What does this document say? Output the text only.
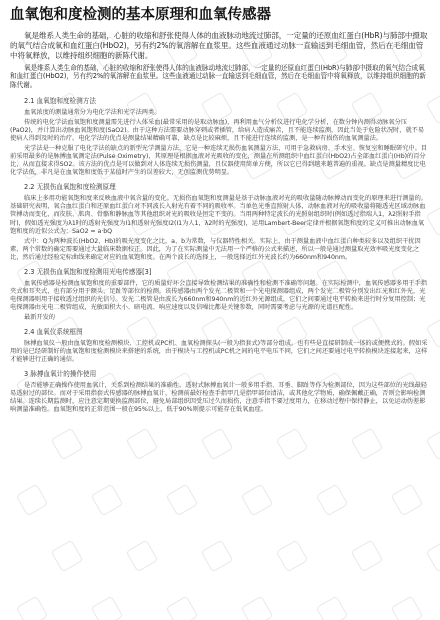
血氧饱和度检测的基本原理和血氧传感器

氧是维系人类生命的基础，心脏的收缩和舒张使得人体的血液脉动地流过肺部，一定量的还原血红蛋白(HbR)与肺部中摄取的氧气结合成氧和血红蛋白(HbO2)，另有约2%的氧溶解在血浆里。这些血液通过动脉一直输送到毛细血管，然后在毛细血管中将氧释放，以维持组织细胞的新陈代谢。

氧是维系人类生命的基础，心脏的收缩和舒张使得人体的血液脉动地流过肺部，一定量的还原血红蛋白(HbR)与肺部中摄取的氧气结合成氧和血红蛋白(HbO2)，另有约2%的氧溶解在血浆里。这些血液通过动脉一直输送到毛细血管，然后在毛细血管中将氧释放，以维持组织细胞的新陈代谢。

2.1 血氧饱和度检测方法

血氧浓度的测量通常分为电化学法和光学法两类。

传统的电化学法血氧饱和度测量需先进行人体采血(最常采用的是取动脉血)，再利用血气分析仪进行电化学分析，在数分钟内测得动脉氧分压(PaO2)，并计算出动脉血氧饱和度(SaO2)。由于这种方法需要动脉穿刺或者插管，给病人造成痛苦，且不能连续监测，因此当处于危险状况时，就不易使病人得到及时的治疗。电化学法的优点是测量结果精确可靠，缺点是比较麻烦，且不能进行连续的监测，是一种有损伤的血氧测量法。

光学法是一种克服了电化学法的缺点的新型光学测量方法，它是一种连续无损伤血氧测量方法，可用于急救病房、手术室、恢复室和睡眠研究中。目前采用最多的是脉搏血氧测定法(Pulse Oximetry)，其原理是根据血液对光吸收的变化，测量在所测组织中血红蛋白(HbO2)占全部血红蛋白(Hb)的百分比，从而直接求得SO2。该方法的优点是可以做到对人体连续无损伤测量，且仪器使用简单方便，所以它已得到越来越普遍的重视。缺点是测量精度比电化学法低，非凡是在血氧饱和度低于某值时产生的误差较大，无创监测优势明显。

2.2 无损伤血氧饱和度检测原理

临床上多用功能氧饱和度来反映血液中氧含量的变化。无损伤血氧饱和度测量是基于动脉血液对光的吸收量随动脉搏动而变化的原理来进行测量的。基础研究表明，氧合血红蛋白和还原血红蛋白对不同波长入射光有着不同的吸收率。当单色光垂直照射人体，动脉血液对光的吸收量将随透光区域动脉血管搏动而变化，而皮肤、肌肉、骨骼和静脉血等其他组织对光的吸收是恒定不变的。当用两种特定波长的光照射组织时(例如透过指端人1，λ2照射手指时)，假如透光强度为λ1时的透射光强度为I1和透射光强度I2(I1为人1，λ2时的光强度)，运用Lambert-Beer定律并根据氧饱和度的定义可推出动脉血氧饱和度的近似公式为：SaO2 = a·bQ

式中：Q为两种波长(HbO2、Hb)的吸光度变化之比，a、b为常数，与仪器特性相关。实际上，由于测量血液中血红蛋白种类较多以及组织干扰因素，两个常数的确定需要通过大量临床数据校正。因此，为了在实际测量中无法用一个严格的公式来描述，所以一般是通过测量取光效率吸光度变化之比，然后通过经验定标曲线来确定对应的血氧饱和度。在两个波长的选择上，一般选择近红外光波长约为660nm和940nm。

2.3 无损伤血氧饱和度检测用光电传感器[3]

血氧传感器是检测血氧饱和度的重要部件，它的质量好坏会直接导致检测结果的准确性和检测不准确等问题。在实际检测中，血氧传感器多用于手指夹式和耳夹式，也有部分用于额头、足趾等部位的检测。该传感器由两个发光二极管和一个光电探测器组成，两个发光二极管分别发出红光和红外光，光电探测器则用于接收透过组织的光信号。发光二极管是由波长为660nm和940nm的近红外光源组成，它们之间要通过电平转换来进行时分复用控制；光电探测器由光电二极管组成，光敏面积大小、暗电流、响应速度以及信噪比都是关键参数，同时需要考虑与光源的光谱匹配性。

最新开发的

2.4 血氧仪系统框图

脉搏血氧仪一般由血氧饱和度检测模块、工控机或PC机、血氧检测探头(一般为指套式)等部分组成。也有些是直接研制成一体的或便携式的。假如采用的是已经研制好的血氧饱和度检测模块来搭建的系统，由于模块与工控机或PC机之间的电平电压不同，它们之间还要通过电平转换模块连接起来，这样才能够进行正确的通信。

3 脉搏血氧计的操作使用

是否能够正确操作使用血氧计，关系到检测结果的准确性。透射式脉搏血氧计一般多用手指、耳垂、脚趾等作为检测部位，因为这些部位的光线最轻易透射过的部位。而对于采用指套式传感器的脉搏血氧计，检测前最好检查手指甲几是指甲部位清洁，或其他化学物质，确保佩戴正确，否则会影响检测结果。连续长期监测时，应注意定期更换监测部位，避免局部组织因受压过久而损伤，注意手指不要过度用力，在移动过程中保持静止，以免运动伪差影响测量准确性。血氧饱和度的正常范围一般在95%以上，低于90%则提示可能存在低氧血症。
